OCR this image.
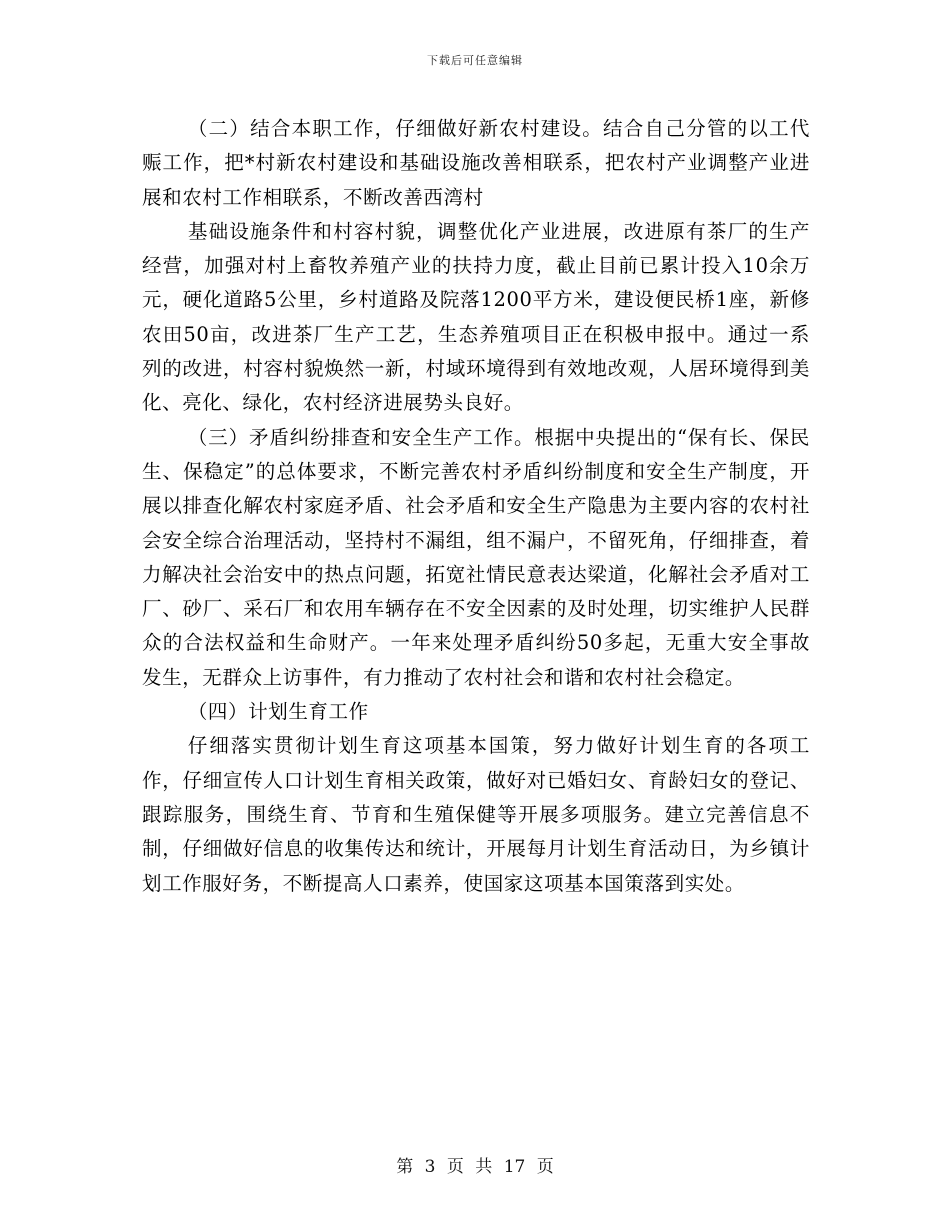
下载后可任意编辑

（二）结合本职工作，仔细做好新农村建设。结合自己分管的以工代赈工作，把*村新农村建设和基础设施改善相联系，把农村产业调整产业进展和农村工作相联系，不断改善西湾村

基础设施条件和村容村貌，调整优化产业进展，改进原有茶厂的生产经营，加强对村上畜牧养殖产业的扶持力度，截止目前已累计投入10余万元，硬化道路5公里，乡村道路及院落1200平方米，建设便民桥1座，新修农田50亩，改进茶厂生产工艺，生态养殖项目正在积极申报中。通过一系列的改进，村容村貌焕然一新，村域环境得到有效地改观，人居环境得到美化、亮化、绿化，农村经济进展势头良好。

（三）矛盾纠纷排查和安全生产工作。根据中央提出的“保有长、保民生、保稳定”的总体要求，不断完善农村矛盾纠纷制度和安全生产制度，开展以排查化解农村家庭矛盾、社会矛盾和安全生产隐患为主要内容的农村社会安全综合治理活动，坚持村不漏组，组不漏户，不留死角，仔细排查，着力解决社会治安中的热点问题，拓宽社情民意表达梁道，化解社会矛盾对工厂、砂厂、采石厂和农用车辆存在不安全因素的及时处理，切实维护人民群众的合法权益和生命财产。一年来处理矛盾纠纷50多起，无重大安全事故发生，无群众上访事件，有力推动了农村社会和谐和农村社会稳定。

（四）计划生育工作

仔细落实贯彻计划生育这项基本国策，努力做好计划生育的各项工作，仔细宣传人口计划生育相关政策，做好对已婚妇女、育龄妇女的登记、跟踪服务，围绕生育、节育和生殖保健等开展多项服务。建立完善信息不制，仔细做好信息的收集传达和统计，开展每月计划生育活动日，为乡镇计划工作服好务，不断提高人口素养，使国家这项基本国策落到实处。

第 3 页 共 17 页
